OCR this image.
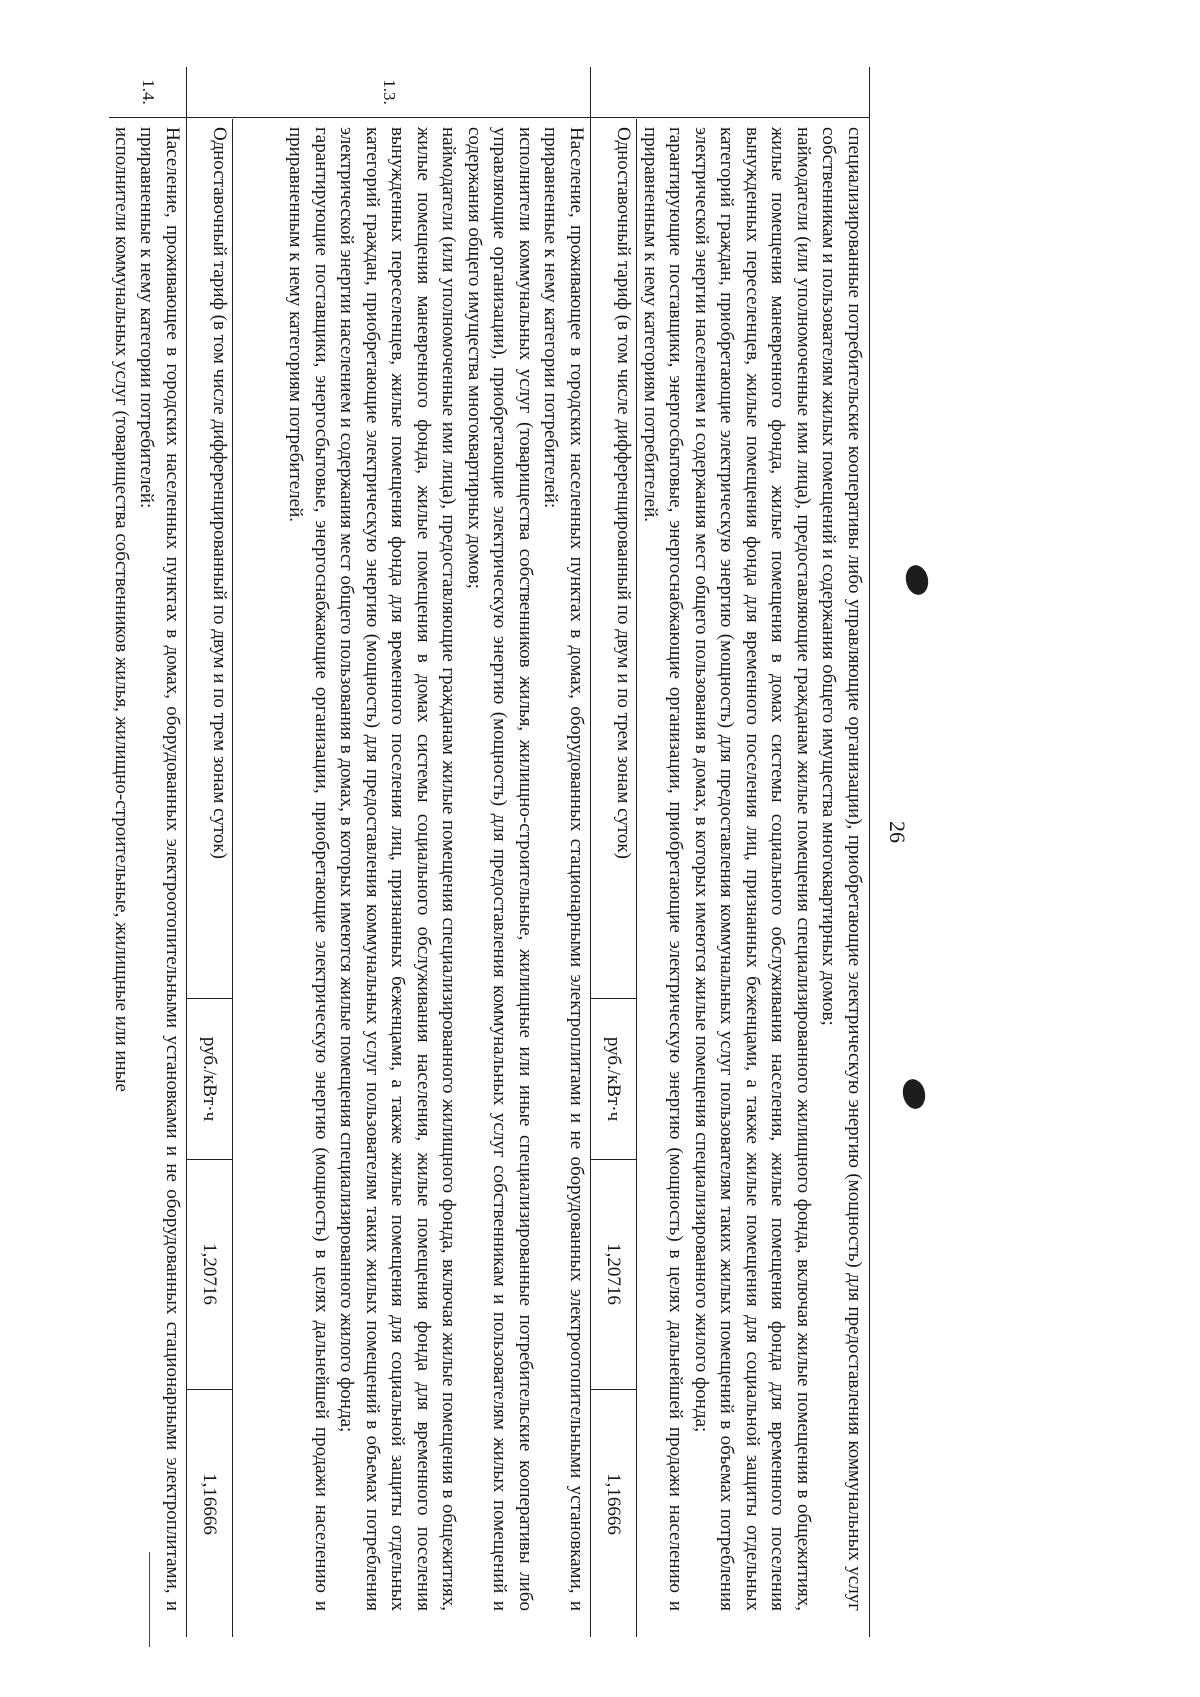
26

специализированные потребительские кооперативы либо управляющие организации), приобретающие электрическую энергию (мощность) для предоставления коммунальных услуг собственникам и пользователям жилых помещений и содержания общего имущества многоквартирных домов;

наймодатели (или уполномоченные ими лица), предоставляющие гражданам жилые помещения специализированного жилищного фонда, включая жилые помещения в общежитиях, жилые помещения маневренного фонда, жилые помещения в домах системы социального обслуживания населения, жилые помещения фонда для временного поселения вынужденных переселенцев, жилые помещения фонда для временного поселения лиц, признанных беженцами, а также жилые помещения для социальной защиты отдельных категорий граждан, приобретающие электрическую энергию (мощность) для предоставления коммунальных услуг пользователям таких жилых помещений в объемах потребления электрической энергии населением и содержания мест общего пользования в домах, в которых имеются жилые помещения специализированного жилого фонда;

гарантирующие поставщики, энергосбытовые, энергоснабжающие организации, приобретающие электрическую энергию (мощность) в целях дальнейшей продажи населению и приравненным к нему категориям потребителей.

Одноставочный тариф (в том числе дифференцированный по двум и по трем зонам суток)
руб./кВт·ч
1,20716
1,16666
1.3.

Население, проживающее в городских населенных пунктах в домах, оборудованных стационарными электроплитами и не оборудованных электроотопительными установками, и приравненные к нему категории потребителей:

исполнители коммунальных услуг (товарищества собственников жилья, жилищно-строительные, жилищные или иные специализированные потребительские кооперативы либо управляющие организации), приобретающие электрическую энергию (мощность) для предоставления коммунальных услуг собственникам и пользователям жилых помещений и содержания общего имущества многоквартирных домов;

наймодатели (или уполномоченные ими лица), предоставляющие гражданам жилые помещения специализированного жилищного фонда, включая жилые помещения в общежитиях, жилые помещения маневренного фонда, жилые помещения в домах системы социального обслуживания населения, жилые помещения фонда для временного поселения вынужденных переселенцев, жилые помещения фонда для временного поселения лиц, признанных беженцами, а также жилые помещения для социальной защиты отдельных категорий граждан, приобретающие электрическую энергию (мощность) для предоставления коммунальных услуг пользователям таких жилых помещений в объемах потребления электрической энергии населением и содержания мест общего пользования в домах, в которых имеются жилые помещения специализированного жилого фонда;

гарантирующие поставщики, энергосбытовые, энергоснабжающие организации, приобретающие электрическую энергию (мощность) в целях дальнейшей продажи населению и приравненным к нему категориям потребителей.

Одноставочный тариф (в том числе дифференцированный по двум и по трем зонам суток)
руб./кВт·ч
1,20716
1,16666
1.4.

Население, проживающее в городских населенных пунктах в домах, оборудованных электроотопительными установками и не оборудованных стационарными электроплитами, и приравненные к нему категории потребителей:

исполнители коммунальных услуг (товарищества собственников жилья, жилищно-строительные, жилищные или иные
